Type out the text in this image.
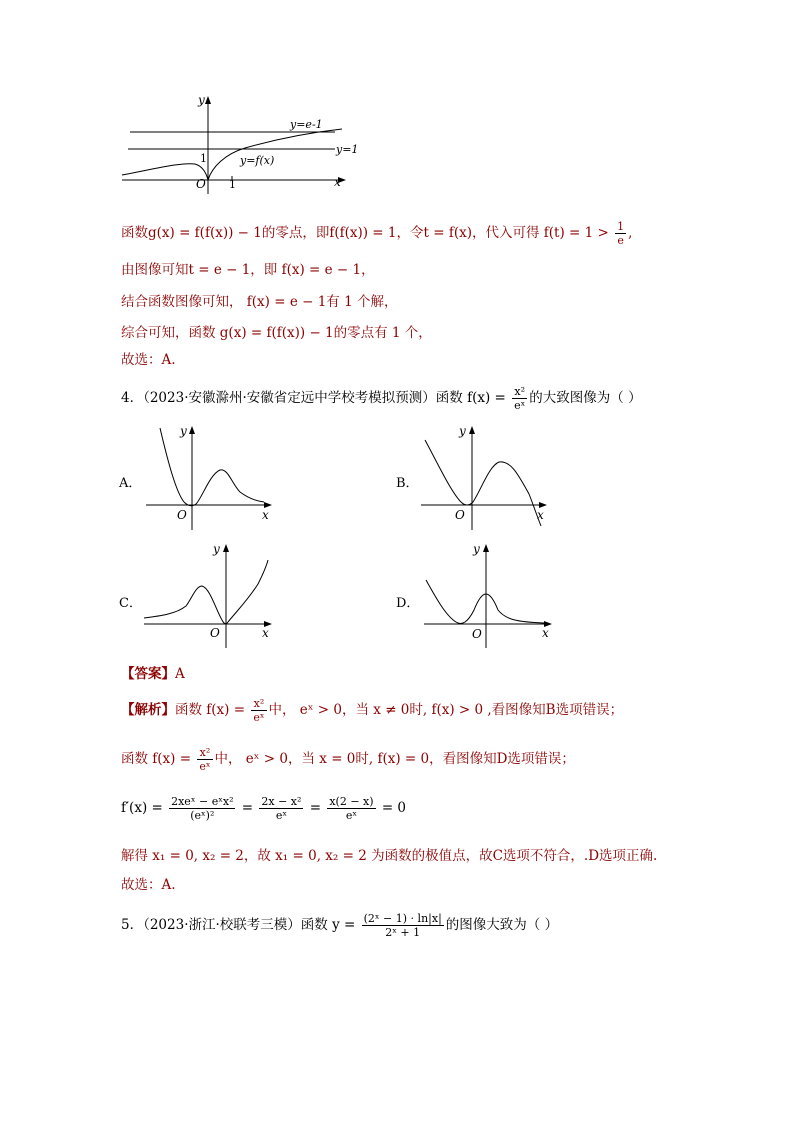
y
x
O
1
1
y=e-1
y=1
y=f(x)
函数g(x) = f(f(x)) − 1的零点，即f(f(x)) = 1，令t = f(x)，代入可得 $f(t) = 1 > \frac{1}{e}$ ,
由图像可知t = e − 1，即 f(x) = e − 1，
结合函数图像可知， f(x) = e − 1有 1 个解，
综合可知，函数 g(x) = f(f(x)) − 1的零点有 1 个，
故选：A.
4．（2023·安徽滁州·安徽省定远中学校考模拟预测）函数 $f(x) = \frac{\text{x²}}{\text{eˣ}}$ 的大致图像为（ ）
A．
y
x
O
B．
y
x
O
C．
y
x
O
D．
y
x
O
【答案】A
【解析】函数 $f(x) = \frac{\text{x²}}{\text{eˣ}}$ 中， eˣ > 0，当 x ≠ 0时, f(x) > 0 ,看图像知B选项错误；
函数 $f(x) = \frac{\text{x²}}{\text{eˣ}}$ 中， eˣ > 0，当 x = 0时, f(x) = 0，看图像知D选项错误；
$f'(x) = \frac{\text{2xeˣ − eˣx²}}{\text{(eˣ)²}} = \frac{\text{2x − x²}}{\text{eˣ}} = \frac{x(2 - x)}{\text{eˣ}} = 0$
解得 x₁ = 0, x₂ = 2，故 x₁ = 0, x₂ = 2 为函数的极值点，故C选项不符合，.D选项正确.
故选：A.
5．（2023·浙江·校联考三模）函数 $y = \frac{\text{(2ˣ − 1) · ln|x|}}{\text{2ˣ + 1}}$ 的图像大致为（ ）
